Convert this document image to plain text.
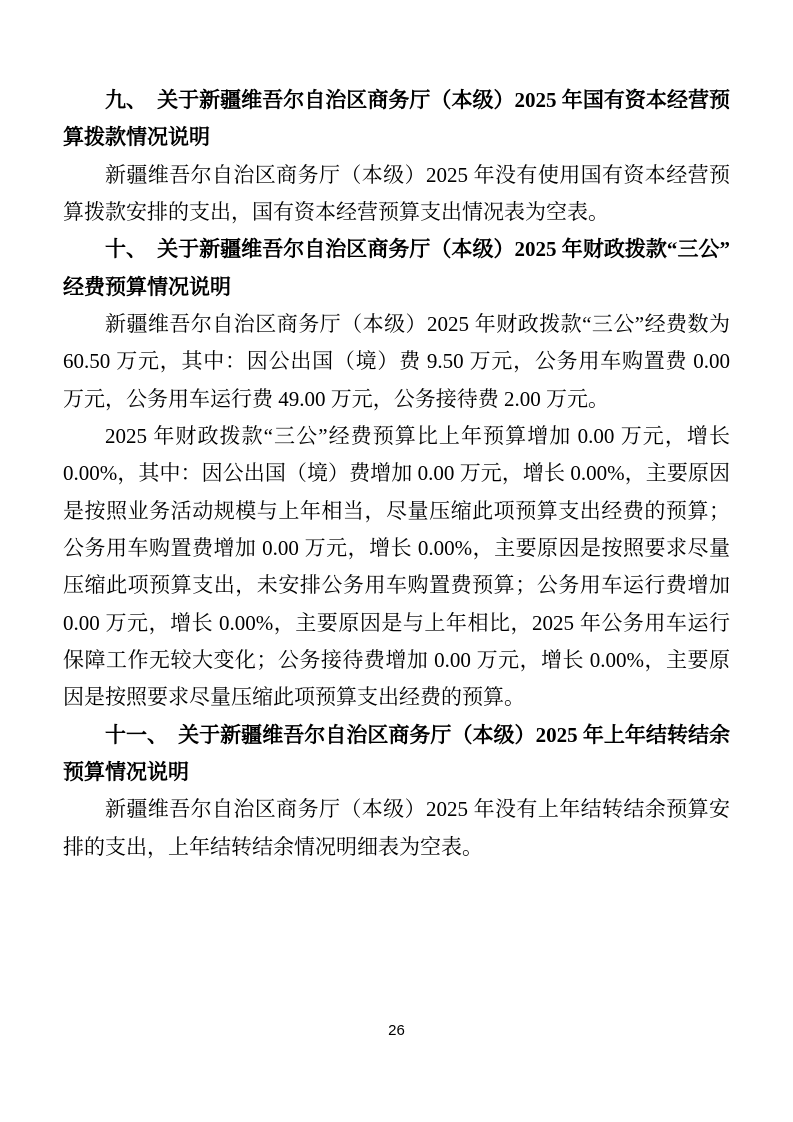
九、 关于新疆维吾尔自治区商务厅（本级）2025 年国有资本经营预算拨款情况说明

新疆维吾尔自治区商务厅（本级）2025 年没有使用国有资本经营预算拨款安排的支出，国有资本经营预算支出情况表为空表。

十、 关于新疆维吾尔自治区商务厅（本级）2025 年财政拨款“三公”经费预算情况说明

新疆维吾尔自治区商务厅（本级）2025 年财政拨款“三公”经费数为 60.50 万元，其中：因公出国（境）费 9.50 万元，公务用车购置费 0.00 万元，公务用车运行费 49.00 万元，公务接待费 2.00 万元。

2025 年财政拨款“三公”经费预算比上年预算增加 0.00 万元，增长 0.00%，其中：因公出国（境）费增加 0.00 万元，增长 0.00%，主要原因是按照业务活动规模与上年相当，尽量压缩此项预算支出经费的预算；公务用车购置费增加 0.00 万元，增长 0.00%，主要原因是按照要求尽量压缩此项预算支出，未安排公务用车购置费预算；公务用车运行费增加 0.00 万元，增长 0.00%，主要原因是与上年相比，2025 年公务用车运行保障工作无较大变化；公务接待费增加 0.00 万元，增长 0.00%，主要原因是按照要求尽量压缩此项预算支出经费的预算。

十一、 关于新疆维吾尔自治区商务厅（本级）2025 年上年结转结余预算情况说明

新疆维吾尔自治区商务厅（本级）2025 年没有上年结转结余预算安排的支出，上年结转结余情况明细表为空表。

26
